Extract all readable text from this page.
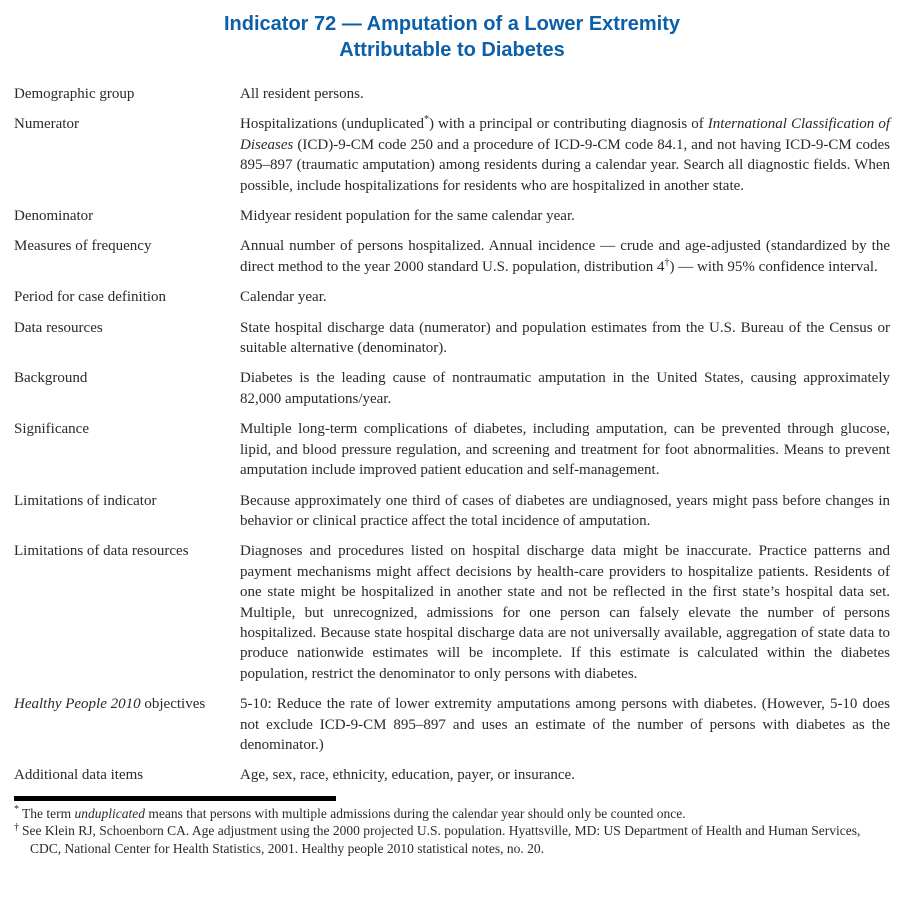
Indicator 72 — Amputation of a Lower Extremity
Attributable to Diabetes
Demographic group	All resident persons.
Numerator	Hospitalizations (unduplicated*) with a principal or contributing diagnosis of International Classification of Diseases (ICD)-9-CM code 250 and a procedure of ICD-9-CM code 84.1, and not having ICD-9-CM codes 895–897 (traumatic amputation) among residents during a calendar year. Search all diagnostic fields. When possible, include hospitalizations for residents who are hospitalized in another state.
Denominator	Midyear resident population for the same calendar year.
Measures of frequency	Annual number of persons hospitalized. Annual incidence — crude and age-adjusted (standardized by the direct method to the year 2000 standard U.S. population, distribution 4†) — with 95% confidence interval.
Period for case definition	Calendar year.
Data resources	State hospital discharge data (numerator) and population estimates from the U.S. Bureau of the Census or suitable alternative (denominator).
Background	Diabetes is the leading cause of nontraumatic amputation in the United States, causing approximately 82,000 amputations/year.
Significance	Multiple long-term complications of diabetes, including amputation, can be prevented through glucose, lipid, and blood pressure regulation, and screening and treatment for foot abnormalities. Means to prevent amputation include improved patient education and self-management.
Limitations of indicator	Because approximately one third of cases of diabetes are undiagnosed, years might pass before changes in behavior or clinical practice affect the total incidence of amputation.
Limitations of data resources	Diagnoses and procedures listed on hospital discharge data might be inaccurate. Practice patterns and payment mechanisms might affect decisions by health-care providers to hospitalize patients. Residents of one state might be hospitalized in another state and not be reflected in the first state’s hospital data set. Multiple, but unrecognized, admissions for one person can falsely elevate the number of persons hospitalized. Because state hospital discharge data are not universally available, aggregation of state data to produce nationwide estimates will be incomplete. If this estimate is calculated within the diabetes population, restrict the denominator to only persons with diabetes.
Healthy People 2010 objectives	5-10: Reduce the rate of lower extremity amputations among persons with diabetes. (However, 5-10 does not exclude ICD-9-CM 895–897 and uses an estimate of the number of persons with diabetes as the denominator.)
Additional data items	Age, sex, race, ethnicity, education, payer, or insurance.
* The term unduplicated means that persons with multiple admissions during the calendar year should only be counted once.
† See Klein RJ, Schoenborn CA. Age adjustment using the 2000 projected U.S. population. Hyattsville, MD: US Department of Health and Human Services, CDC, National Center for Health Statistics, 2001. Healthy people 2010 statistical notes, no. 20.
